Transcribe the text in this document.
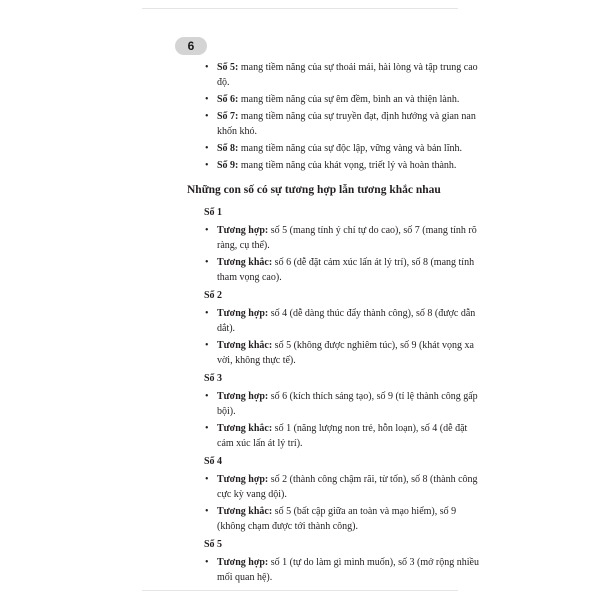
6
• Số 5: mang tiềm năng của sự thoải mái, hài lòng và tập trung cao độ.
• Số 6: mang tiềm năng của sự êm đềm, bình an và thiện lành.
• Số 7: mang tiềm năng của sự truyền đạt, định hướng và gian nan khốn khó.
• Số 8: mang tiềm năng của sự độc lập, vững vàng và bản lĩnh.
• Số 9: mang tiềm năng của khát vọng, triết lý và hoàn thành.
Những con số có sự tương hợp lẫn tương khắc nhau
Số 1
• Tương hợp: số 5 (mang tính ý chí tự do cao), số 7 (mang tính rõ ràng, cụ thể).
• Tương khắc: số 6 (dễ đặt cảm xúc lấn át lý trí), số 8 (mang tính tham vọng cao).
Số 2
• Tương hợp: số 4 (dễ dàng thúc đẩy thành công), số 8 (được dẫn dắt).
• Tương khắc: số 5 (không được nghiêm túc), số 9 (khát vọng xa vời, không thực tế).
Số 3
• Tương hợp: số 6 (kích thích sáng tạo), số 9 (tỉ lệ thành công gấp bội).
• Tương khắc: số 1 (năng lượng non trẻ, hỗn loạn), số 4 (dễ đặt cảm xúc lấn át lý trí).
Số 4
• Tương hợp: số 2 (thành công chậm rãi, từ tốn), số 8 (thành công cực kỳ vang dội).
• Tương khắc: số 5 (bất cập giữa an toàn và mạo hiểm), số 9 (không chạm được tới thành công).
Số 5
• Tương hợp: số 1 (tự do làm gì mình muốn), số 3 (mở rộng nhiều mối quan hệ).
